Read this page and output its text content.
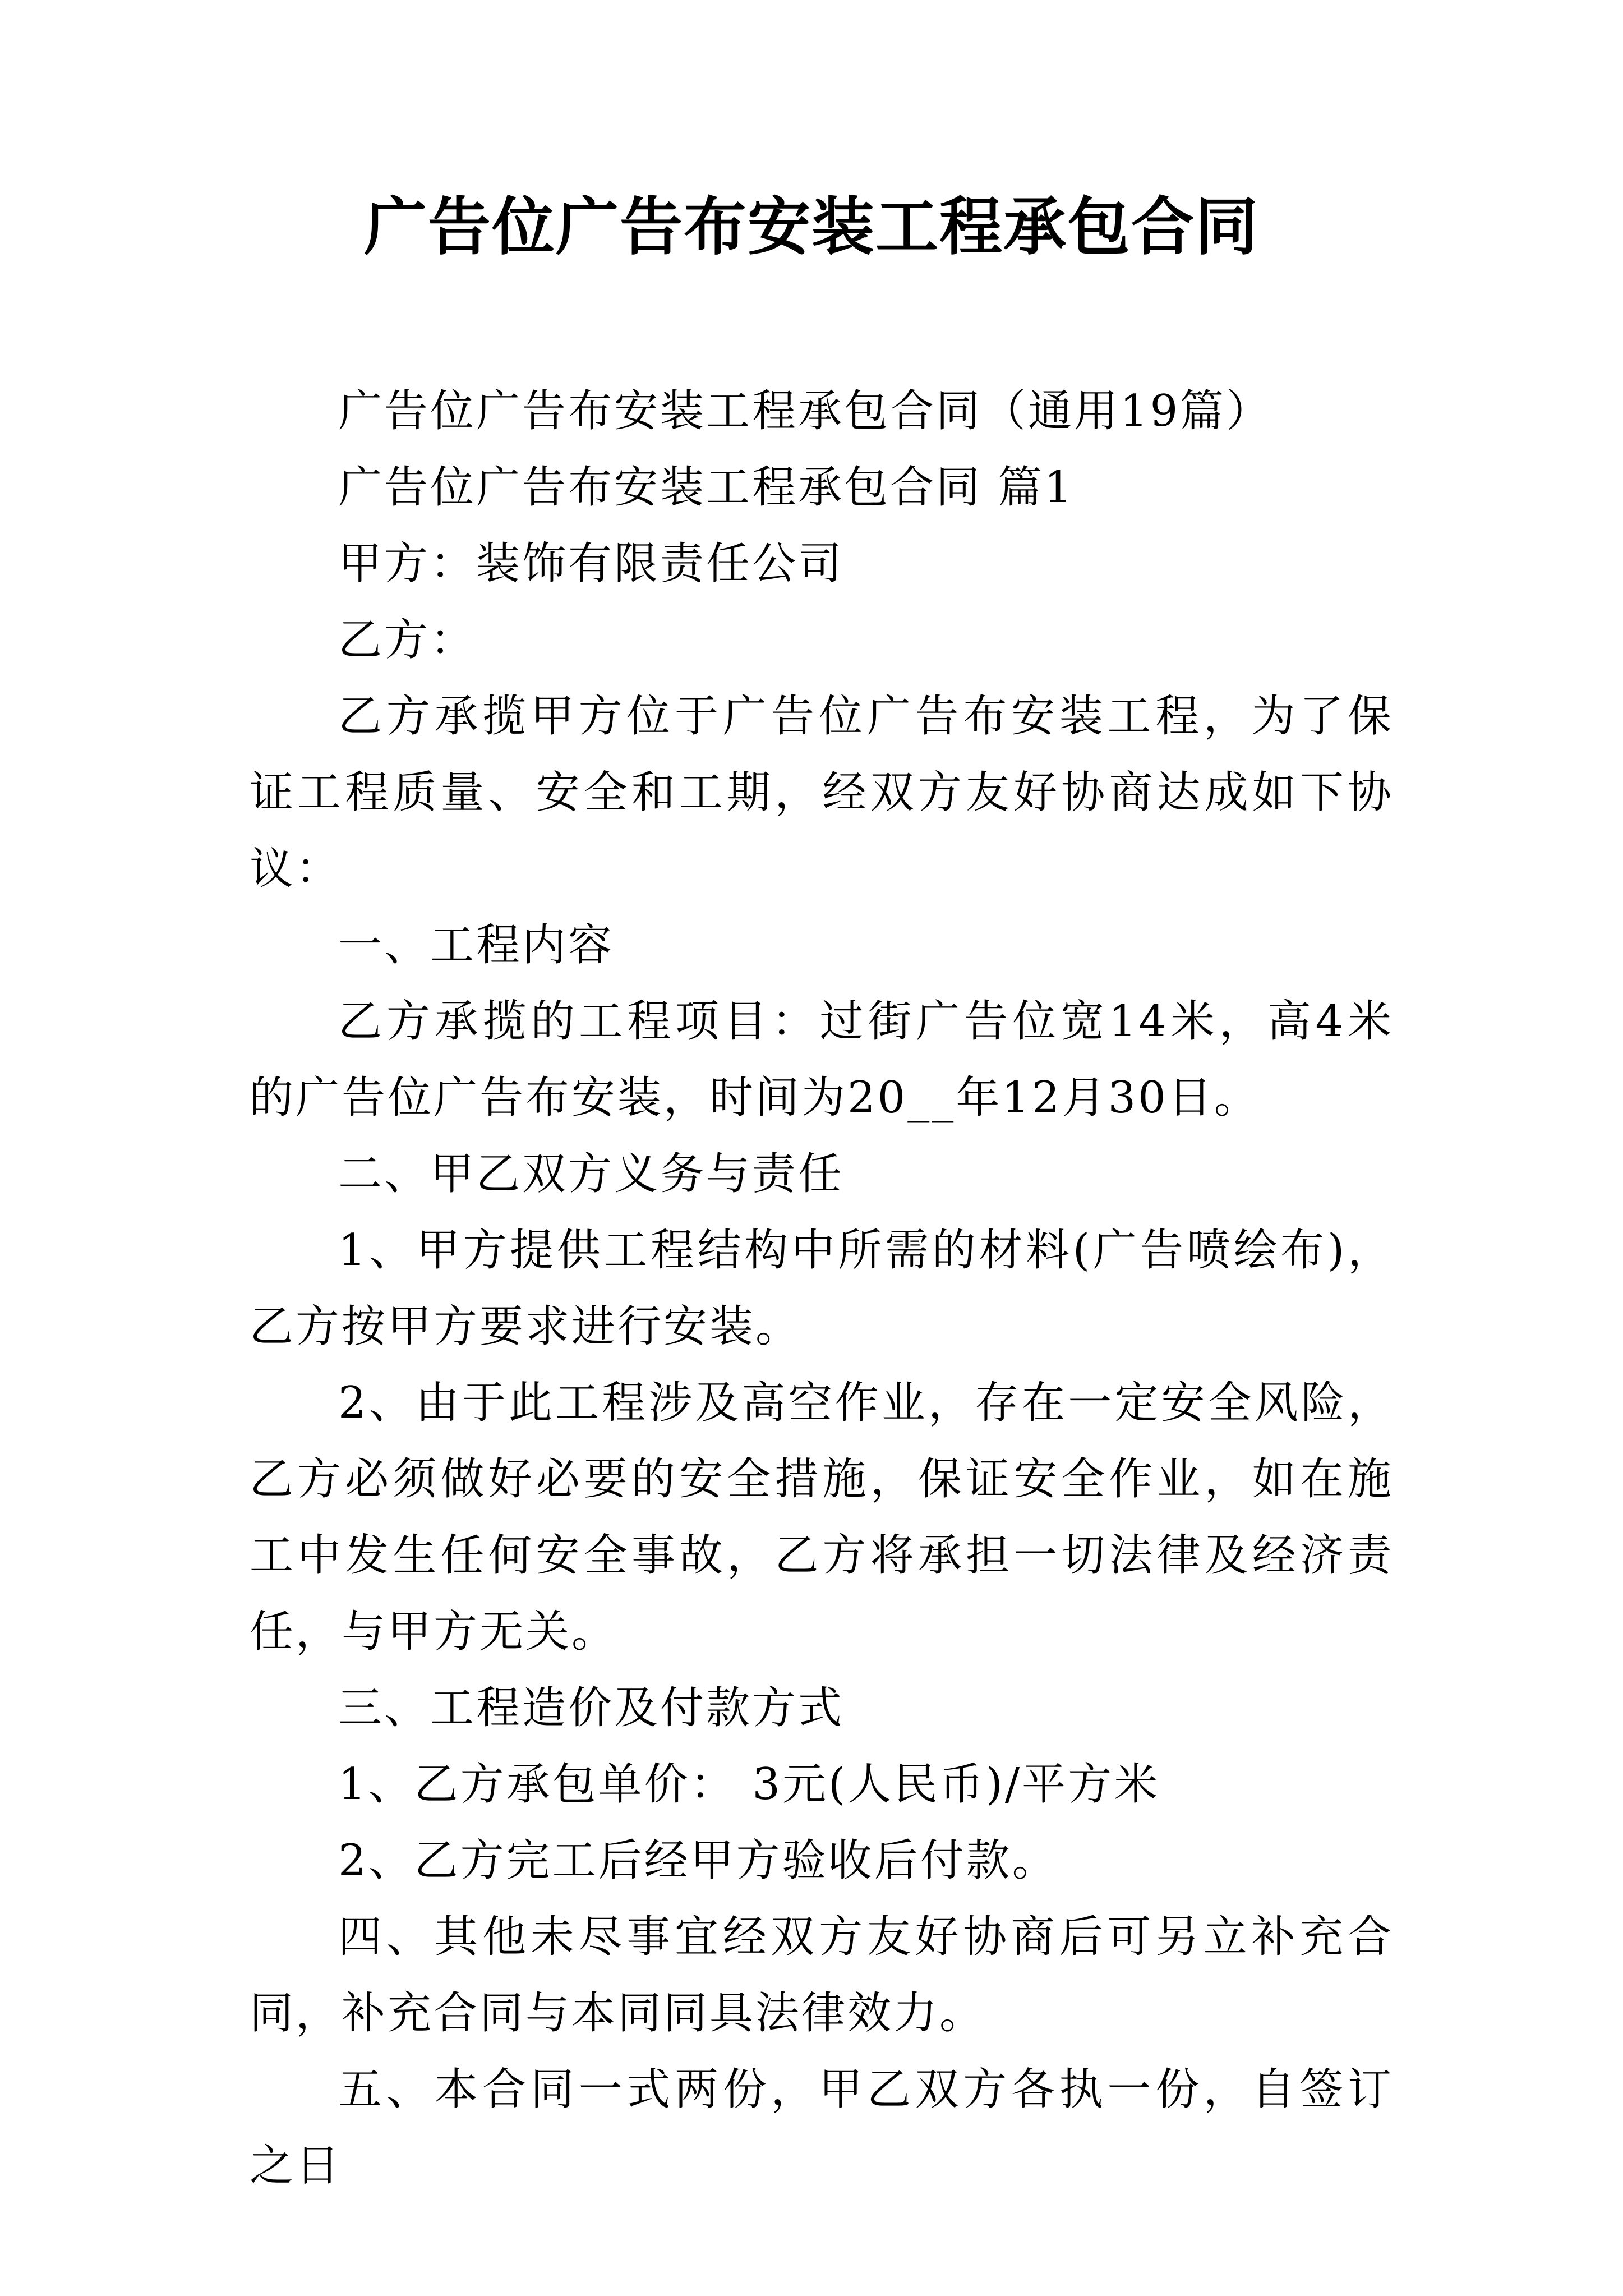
广告位广告布安装工程承包合同

广告位广告布安装工程承包合同（通用19篇）

广告位广告布安装工程承包合同 篇1

甲方：装饰有限责任公司

乙方：

乙方承揽甲方位于广告位广告布安装工程，为了保证工程质量、安全和工期，经双方友好协商达成如下协议：

一、工程内容

乙方承揽的工程项目：过街广告位宽14米，高4米的广告位广告布安装，时间为20__年12月30日。

二、甲乙双方义务与责任

1、甲方提供工程结构中所需的材料(广告喷绘布)，乙方按甲方要求进行安装。

2、由于此工程涉及高空作业，存在一定安全风险，乙方必须做好必要的安全措施，保证安全作业，如在施工中发生任何安全事故，乙方将承担一切法律及经济责任，与甲方无关。

三、工程造价及付款方式

1、乙方承包单价： 3元(人民币)/平方米

2、乙方完工后经甲方验收后付款。

四、其他未尽事宜经双方友好协商后可另立补充合同，补充合同与本同同具法律效力。

五、本合同一式两份，甲乙双方各执一份，自签订之日
